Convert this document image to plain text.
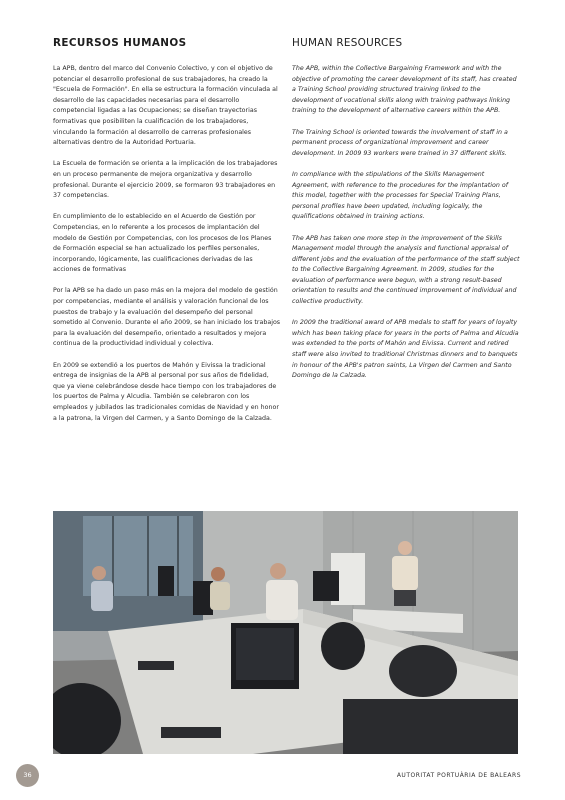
RECURSOS HUMANOS

La APB, dentro del marco del Convenio Colectivo, y con el objetivo de potenciar el desarrollo profesional de sus trabajadores, ha creado la "Escuela de Formación". En ella se estructura la formación vinculada al desarrollo de las capacidades necesarias para el desarrollo competencial ligadas a las Ocupaciones; se diseñan trayectorias formativas que posibiliten la cualificación de los trabajadores, vinculando la formación al desarrollo de carreras profesionales alternativas dentro de la Autoridad Portuaria.

La Escuela de formación se orienta a la implicación de los trabajadores en un proceso permanente de mejora organizativa y desarrollo profesional. Durante el ejercicio 2009, se formaron 93 trabajadores en 37 competencias.

En cumplimiento de lo establecido en el Acuerdo de Gestión por Competencias, en lo referente a los procesos de implantación del modelo de Gestión por Competencias, con los procesos de los Planes de Formación especial se han actualizado los perfiles personales, incorporando, lógicamente, las cualificaciones derivadas de las acciones de formativas

Por la APB se ha dado un paso más en la mejora del modelo de gestión por competencias, mediante el análisis y valoración funcional de los puestos de trabajo y la evaluación del desempeño del personal sometido al Convenio. Durante el año 2009, se han iniciado los trabajos para la evaluación del desempeño, orientado a resultados y mejora continua de la productividad individual y colectiva.

En 2009 se extendió a los puertos de Mahón y Eivissa la tradicional entrega de insignias de la APB al personal por sus años de fidelidad, que ya viene celebrándose desde hace tiempo con los trabajadores de los puertos de Palma y Alcudia. También se celebraron con los empleados y jubilados las tradicionales comidas de Navidad y en honor a la patrona, la Virgen del Carmen, y a Santo Domingo de la Calzada.

HUMAN RESOURCES

The APB, within the Collective Bargaining Framework and with the objective of promoting the career development of its staff, has created a Training School providing structured training linked to the development of vocational skills along with training pathways linking training to the development of alternative careers within the APB.

The Training School is oriented towards the involvement of staff in a permanent process of organizational improvement and career development. In 2009 93 workers were trained in 37 different skills.

In compliance with the stipulations of the Skills Management Agreement, with reference to the procedures for the implantation of this model, together with the processes for Special Training Plans, personal profiles have been updated, including logically, the qualifications obtained in training actions.

The APB has taken one more step in the improvement of the Skills Management model through the analysis and functional appraisal of different jobs and the evaluation of the performance of the staff subject to the Collective Bargaining Agreement. In 2009, studies for the evaluation of performance were begun, with a strong result-based orientation to results and the continued improvement of individual and collective productivity.

In 2009 the traditional award of APB medals to staff for years of loyalty which has been taking place for years in the ports of Palma and Alcudia was extended to the ports of Mahón and Eivissa. Current and retired staff were also invited to traditional Christmas dinners and to banquets in honour of the APB's patron saints, La Virgen del Carmen and Santo Domingo de la Calzada.

36	AUTORITAT PORTUÀRIA DE BALEARS
